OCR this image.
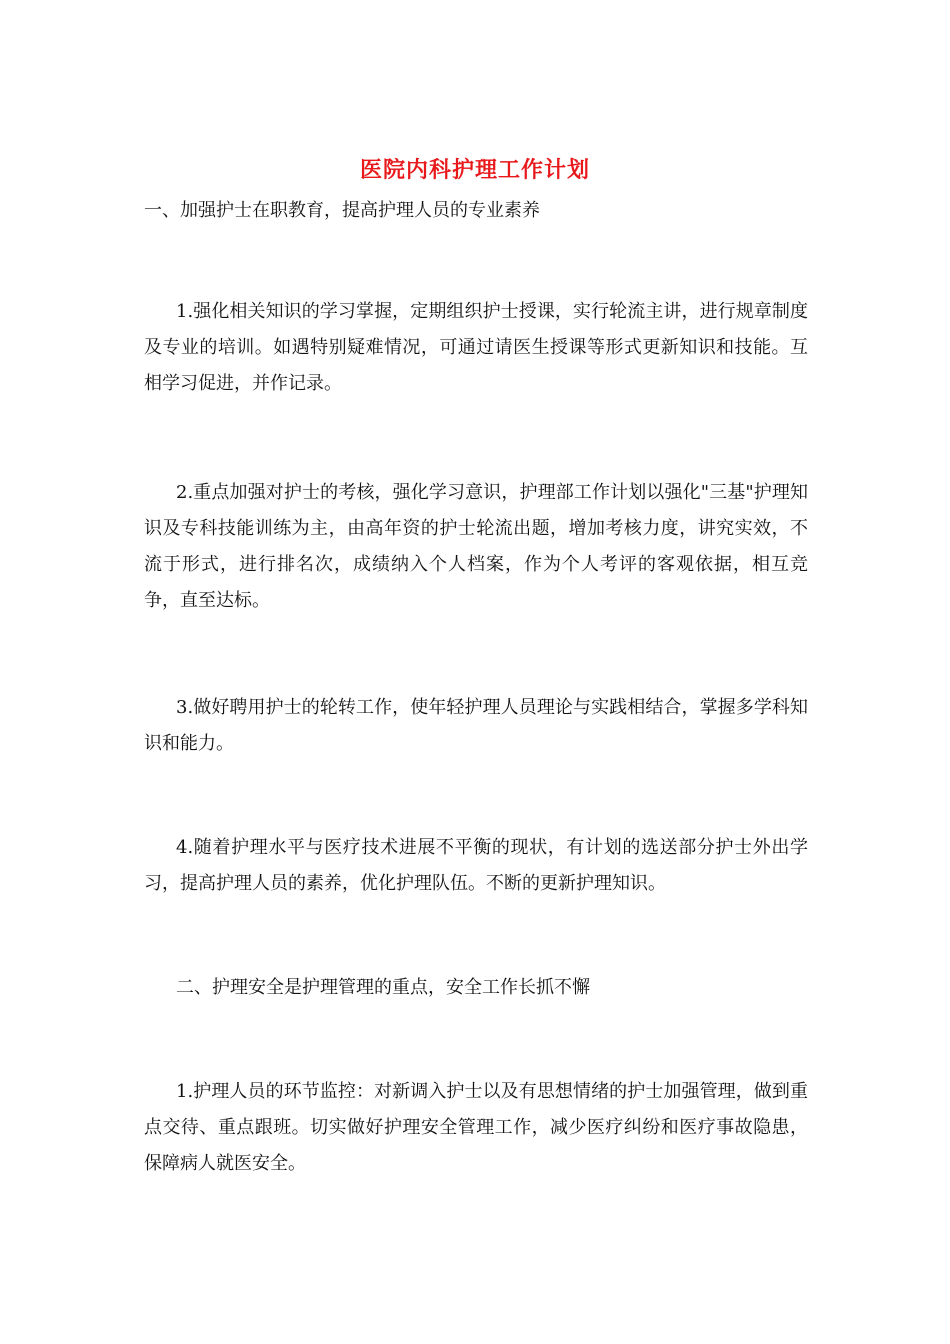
医院内科护理工作计划

一、加强护士在职教育，提高护理人员的专业素养

1.强化相关知识的学习掌握，定期组织护士授课，实行轮流主讲，进行规章制度及专业的培训。如遇特别疑难情况，可通过请医生授课等形式更新知识和技能。互相学习促进，并作记录。

2.重点加强对护士的考核，强化学习意识，护理部工作计划以强化"三基"护理知识及专科技能训练为主，由高年资的护士轮流出题，增加考核力度，讲究实效，不流于形式，进行排名次，成绩纳入个人档案，作为个人考评的客观依据，相互竞争，直至达标。

3.做好聘用护士的轮转工作，使年轻护理人员理论与实践相结合，掌握多学科知识和能力。

4.随着护理水平与医疗技术进展不平衡的现状，有计划的选送部分护士外出学习，提高护理人员的素养，优化护理队伍。不断的更新护理知识。

二、护理安全是护理管理的重点，安全工作长抓不懈

1.护理人员的环节监控：对新调入护士以及有思想情绪的护士加强管理，做到重点交待、重点跟班。切实做好护理安全管理工作，减少医疗纠纷和医疗事故隐患，保障病人就医安全。
